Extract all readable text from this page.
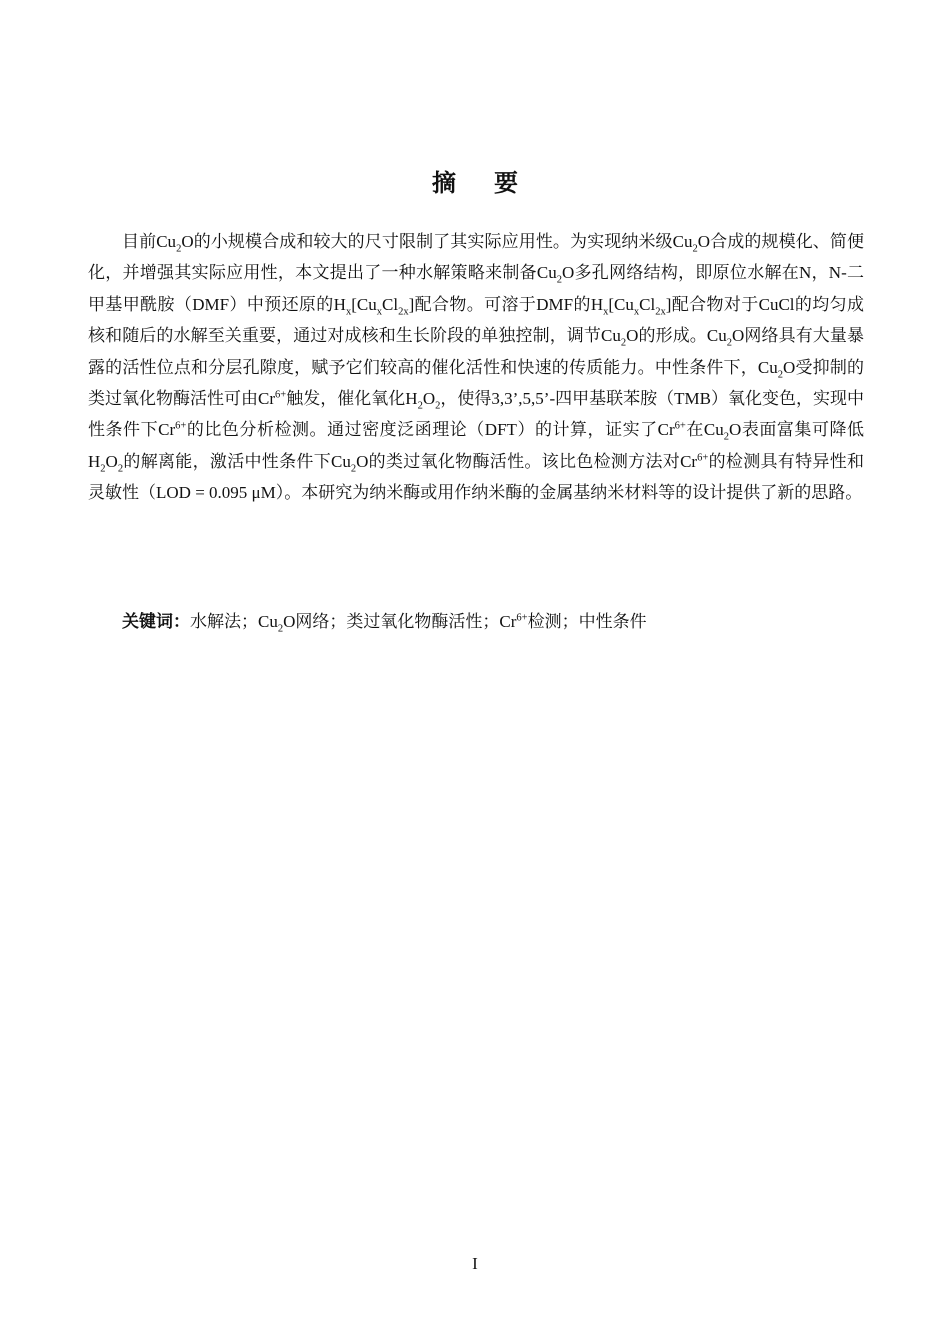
摘要

目前$Cu_2O$的小规模合成和较大的尺寸限制了其实际应用性。为实现纳米级$Cu_2O$合成的规模化、简便化，并增强其实际应用性，本文提出了一种水解策略来制备$Cu_2O$多孔网络结构，即原位水解在N，N-二甲基甲酰胺（DMF）中预还原的$H_x[Cu_xCl_{2x}]$配合物。可溶于DMF的$H_x[Cu_xCl_{2x}]$配合物对于CuCl的均匀成核和随后的水解至关重要，通过对成核和生长阶段的单独控制，调节$Cu_2O$的形成。$Cu_2O$网络具有大量暴露的活性位点和分层孔隙度，赋予它们较高的催化活性和快速的传质能力。中性条件下，$Cu_2O$受抑制的类过氧化物酶活性可由$Cr^{6+}$触发，催化氧化$H_2O_2$，使得3,3’,5,5’-四甲基联苯胺（TMB）氧化变色，实现中性条件下$Cr^{6+}$的比色分析检测。通过密度泛函理论（DFT）的计算，证实了$Cr^{6+}$在$Cu_2O$表面富集可降低$H_2O_2$的解离能，激活中性条件下$Cu_2O$的类过氧化物酶活性。该比色检测方法对$Cr^{6+}$的检测具有特异性和灵敏性（LOD = 0.095 μM）。本研究为纳米酶或用作纳米酶的金属基纳米材料等的设计提供了新的思路。

关键词：水解法；$Cu_2O$网络；类过氧化物酶活性；$Cr^{6+}$检测；中性条件

I
